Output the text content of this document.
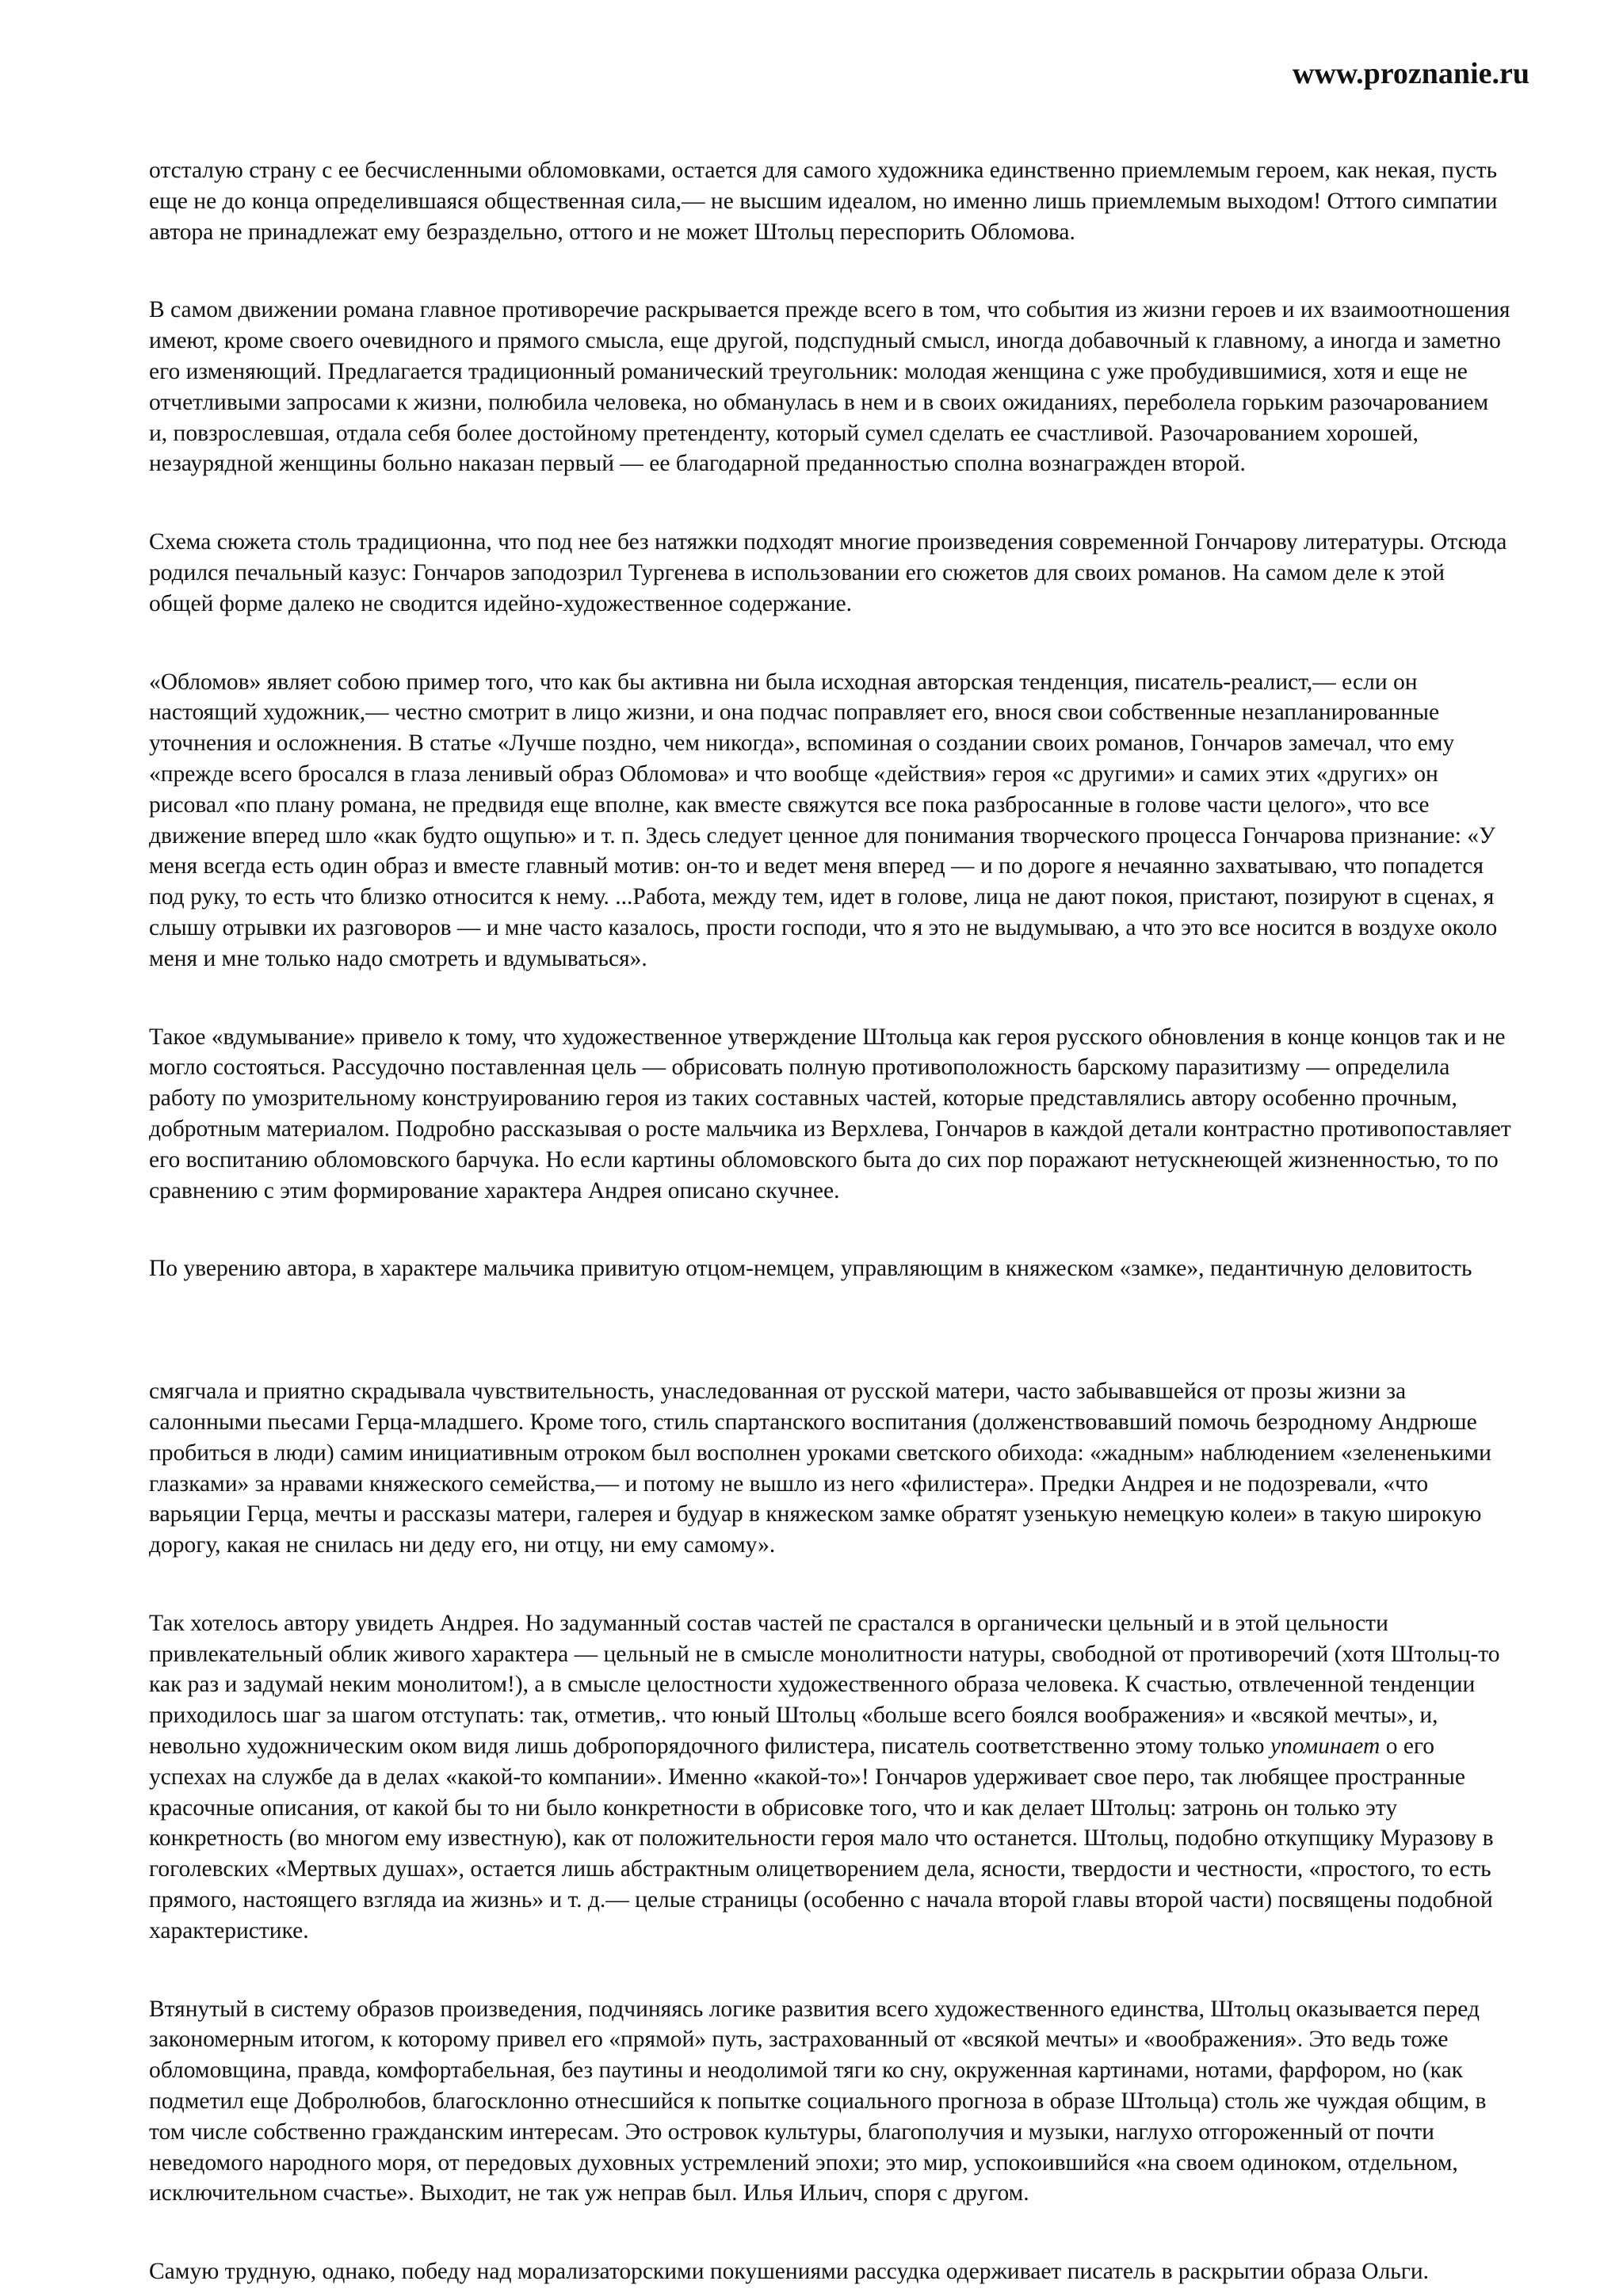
www.proznanie.ru

отсталую страну с ее бесчисленными обломовками, остается для самого художника единственно приемлемым героем, как некая, пусть еще не до конца определившаяся общественная сила,— не высшим идеалом, но именно лишь приемлемым выходом! Оттого симпатии автора не принадлежат ему безраздельно, оттого и не может Штольц переспорить Обломова.

В самом движении романа главное противоречие раскрывается прежде всего в том, что события из жизни героев и их взаимоотношения имеют, кроме своего очевидного и прямого смысла, еще другой, подспудный смысл, иногда добавочный к главному, а иногда и заметно его изменяющий. Предлагается традиционный романический треугольник: молодая женщина с уже пробудившимися, хотя и еще не отчетливыми запросами к жизни, полюбила человека, но обманулась в нем и в своих ожиданиях, переболела горьким разочарованием и, повзрослевшая, отдала себя более достойному претенденту, который сумел сделать ее счастливой. Разочарованием хорошей, незаурядной женщины больно наказан первый — ее благодарной преданностью сполна вознагражден второй.

Схема сюжета столь традиционна, что под нее без натяжки подходят многие произведения современной Гончарову литературы. Отсюда родился печальный казус: Гончаров заподозрил Тургенева в использовании его сюжетов для своих романов. На самом деле к этой общей форме далеко не сводится идейно-художественное содержание.

«Обломов» являет собою пример того, что как бы активна ни была исходная авторская тенденция, писатель-реалист,— если он настоящий художник,— честно смотрит в лицо жизни, и она подчас поправляет его, внося свои собственные незапланированные уточнения и осложнения. В статье «Лучше поздно, чем никогда», вспоминая о создании своих романов, Гончаров замечал, что ему «прежде всего бросался в глаза ленивый образ Обломова» и что вообще «действия» героя «с другими» и самих этих «других» он рисовал «по плану романа, не предвидя еще вполне, как вместе свяжутся все пока разбросанные в голове части целого», что все движение вперед шло «как будто ощупью» и т. п. Здесь следует ценное для понимания творческого процесса Гончарова признание: «У меня всегда есть один образ и вместе главный мотив: он-то и ведет меня вперед — и по дороге я нечаянно захватываю, что попадется под руку, то есть что близко относится к нему. ...Работа, между тем, идет в голове, лица не дают покоя, пристают, позируют в сценах, я слышу отрывки их разговоров — и мне часто казалось, прости господи, что я это не выдумываю, а что это все носится в воздухе около меня и мне только надо смотреть и вдумываться».

Такое «вдумывание» привело к тому, что художественное утверждение Штольца как героя русского обновления в конце концов так и не могло состояться. Рассудочно поставленная цель — обрисовать полную противоположность барскому паразитизму — определила работу по умозрительному конструированию героя из таких составных частей, которые представлялись автору особенно прочным, добротным материалом. Подробно рассказывая о росте мальчика из Верхлева, Гончаров в каждой детали контрастно противопоставляет его воспитанию обломовского барчука. Но если картины обломовского быта до сих пор поражают нетускнеющей жизненностью, то по сравнению с этим формирование характера Андрея описано скучнее.

По уверению автора, в характере мальчика привитую отцом-немцем, управляющим в княжеском «замке», педантичную деловитость

смягчала и приятно скрадывала чувствительность, унаследованная от русской матери, часто забывавшейся от прозы жизни за салонными пьесами Герца-младшего. Кроме того, стиль спартанского воспитания (долженствовавший помочь безродному Андрюше пробиться в люди) самим инициативным отроком был восполнен уроками светского обихода: «жадным» наблюдением «зелененькими глазками» за нравами княжеского семейства,— и потому не вышло из него «филистера». Предки Андрея и не подозревали, «что варьяции Герца, мечты и рассказы матери, галерея и будуар в княжеском замке обратят узенькую немецкую колеи» в такую широкую дорогу, какая не снилась ни деду его, ни отцу, ни ему самому».

Так хотелось автору увидеть Андрея. Но задуманный состав частей пе срастался в органически цельный и в этой цельности привлекательный облик живого характера — цельный не в смысле монолитности натуры, свободной от противоречий (хотя Штольц-то как раз и задумай неким монолитом!), а в смысле целостности художественного образа человека. К счастью, отвлеченной тенденции приходилось шаг за шагом отступать: так, отметив,. что юный Штольц «больше всего боялся воображения» и «всякой мечты», и, невольно художническим оком видя лишь добропорядочного филистера, писатель соответственно этому только упоминает о его успехах на службе да в делах «какой-то компании». Именно «какой-то»! Гончаров удерживает свое перо, так любящее пространные красочные описания, от какой бы то ни было конкретности в обрисовке того, что и как делает Штольц: затронь он только эту конкретность (во многом ему известную), как от положительности героя мало что останется. Штольц, подобно откупщику Муразову в гоголевских «Мертвых душах», остается лишь абстрактным олицетворением дела, ясности, твердости и честности, «простого, то есть прямого, настоящего взгляда иа жизнь» и т. д.— целые страницы (особенно с начала второй главы второй части) посвящены подобной характеристике.

Втянутый в систему образов произведения, подчиняясь логике развития всего художественного единства, Штольц оказывается перед закономерным итогом, к которому привел его «прямой» путь, застрахованный от «всякой мечты» и «воображения». Это ведь тоже обломовщина, правда, комфортабельная, без паутины и неодолимой тяги ко сну, окруженная картинами, нотами, фарфором, но (как подметил еще Добролюбов, благосклонно отнесшийся к попытке социального прогноза в образе Штольца) столь же чуждая общим, в том числе собственно гражданским интересам. Это островок культуры, благополучия и музыки, наглухо отгороженный от почти неведомого народного моря, от передовых духовных устремлений эпохи; это мир, успокоившийся «на своем одиноком, отдельном, исключительном счастье». Выходит, не так уж неправ был. Илья Ильич, споря с другом.

Самую трудную, однако, победу над морализаторскими покушениями рассудка одерживает писатель в раскрытии образа Ольги.
